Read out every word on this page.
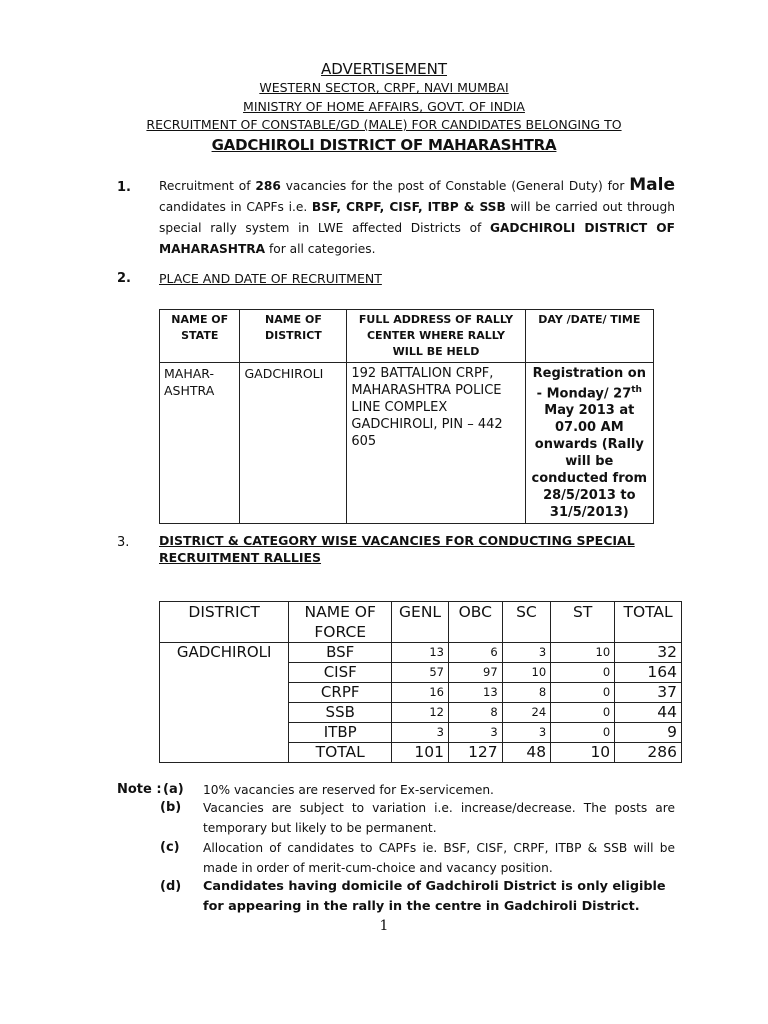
ADVERTISEMENT
WESTERN SECTOR, CRPF, NAVI MUMBAI
MINISTRY OF HOME AFFAIRS, GOVT. OF INDIA
RECRUITMENT OF CONSTABLE/GD (MALE) FOR CANDIDATES BELONGING TO
GADCHIROLI DISTRICT OF MAHARASHTRA
1. Recruitment of 286 vacancies for the post of Constable (General Duty) for Male candidates in CAPFs i.e. BSF, CRPF, CISF, ITBP & SSB will be carried out through special rally system in LWE affected Districts of GADCHIROLI DISTRICT OF MAHARASHTRA for all categories.
2. PLACE AND DATE OF RECRUITMENT
NAME OF STATE	NAME OF DISTRICT	FULL ADDRESS OF RALLY CENTER WHERE RALLY WILL BE HELD	DAY /DATE/ TIME
MAHAR-ASHTRA	GADCHIROLI	192 BATTALION CRPF, MAHARASHTRA POLICE LINE COMPLEX GADCHIROLI, PIN – 442 605	Registration on - Monday/ 27th May 2013 at 07.00 AM onwards (Rally will be conducted from 28/5/2013 to 31/5/2013)
3. DISTRICT & CATEGORY WISE VACANCIES FOR CONDUCTING SPECIAL
RECRUITMENT RALLIES
DISTRICT	NAME OF FORCE	GENL	OBC	SC	ST	TOTAL
GADCHIROLI	BSF	13	6	3	10	32
	CISF	57	97	10	0	164
	CRPF	16	13	8	0	37
	SSB	12	8	24	0	44
	ITBP	3	3	3	0	9
	TOTAL	101	127	48	10	286
Note : (a) 10% vacancies are reserved for Ex-servicemen.
(b) Vacancies are subject to variation i.e. increase/decrease. The posts are temporary but likely to be permanent.
(c) Allocation of candidates to CAPFs ie. BSF, CISF, CRPF, ITBP & SSB will be made in order of merit-cum-choice and vacancy position.
(d) Candidates having domicile of Gadchiroli District is only eligible for appearing in the rally in the centre in Gadchiroli District.
1
